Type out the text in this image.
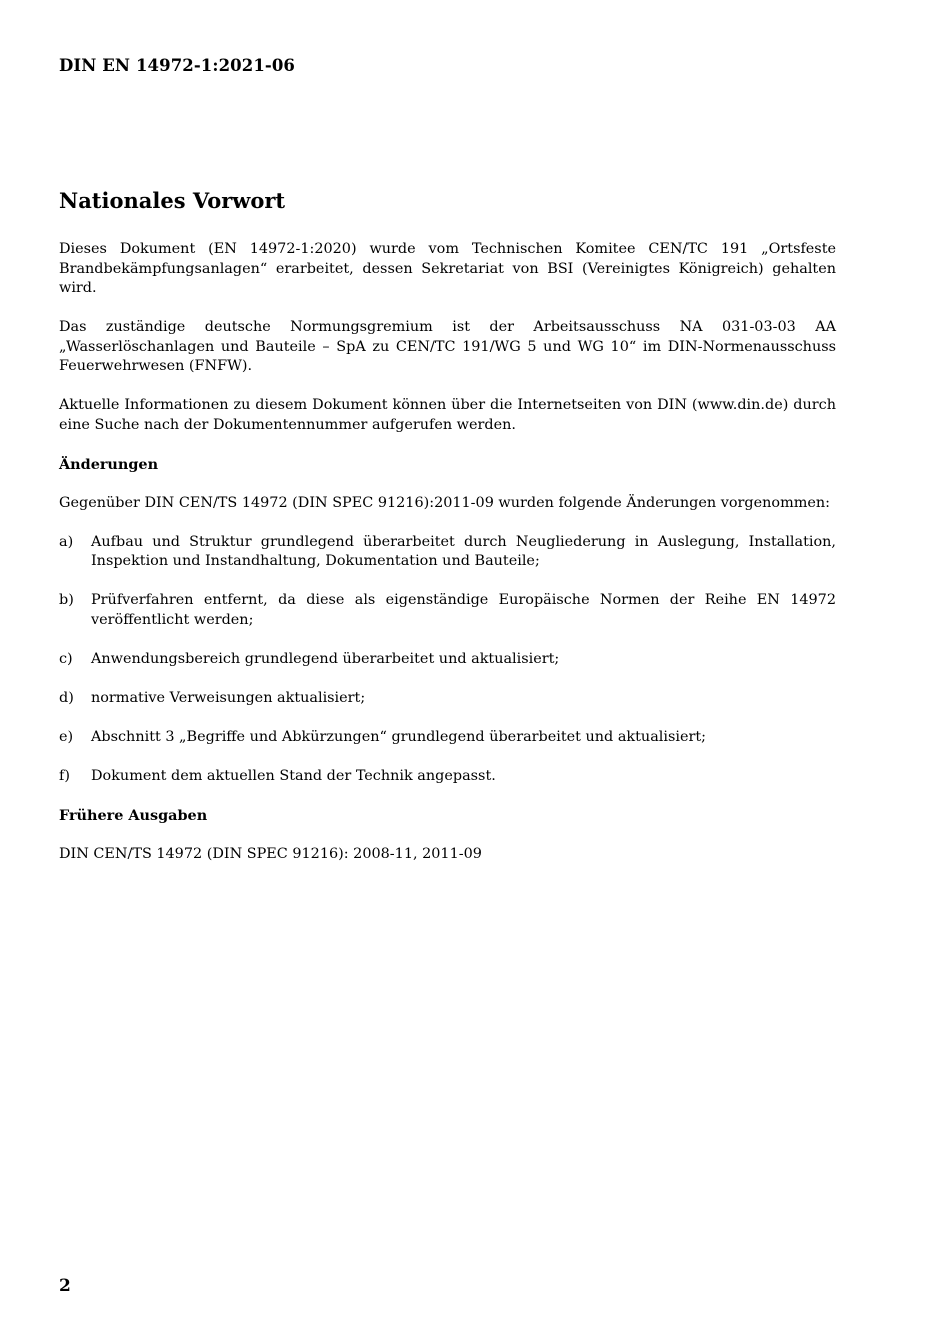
DIN EN 14972-1:2021-06
Nationales Vorwort

Dieses Dokument (EN 14972-1:2020) wurde vom Technischen Komitee CEN/TC 191 „Ortsfeste Brandbekämpfungsanlagen“ erarbeitet, dessen Sekretariat von BSI (Vereinigtes Königreich) gehalten wird.

Das zuständige deutsche Normungsgremium ist der Arbeitsausschuss NA 031-03-03 AA „Wasserlöschanlagen und Bauteile – SpA zu CEN/TC 191/WG 5 und WG 10“ im DIN-Normenausschuss Feuerwehrwesen (FNFW).

Aktuelle Informationen zu diesem Dokument können über die Internetseiten von DIN (www.din.de) durch eine Suche nach der Dokumentennummer aufgerufen werden.

Änderungen

Gegenüber DIN CEN/TS 14972 (DIN SPEC 91216):2011-09 wurden folgende Änderungen vorgenommen:

a)	Aufbau und Struktur grundlegend überarbeitet durch Neugliederung in Auslegung, Installation, Inspektion und Instandhaltung, Dokumentation und Bauteile;
b)	Prüfverfahren entfernt, da diese als eigenständige Europäische Normen der Reihe EN 14972 veröffentlicht werden;
c)	Anwendungsbereich grundlegend überarbeitet und aktualisiert;
d)	normative Verweisungen aktualisiert;
e)	Abschnitt 3 „Begriffe und Abkürzungen“ grundlegend überarbeitet und aktualisiert;
f)	Dokument dem aktuellen Stand der Technik angepasst.
Frühere Ausgaben

DIN CEN/TS 14972 (DIN SPEC 91216): 2008-11, 2011-09

2
